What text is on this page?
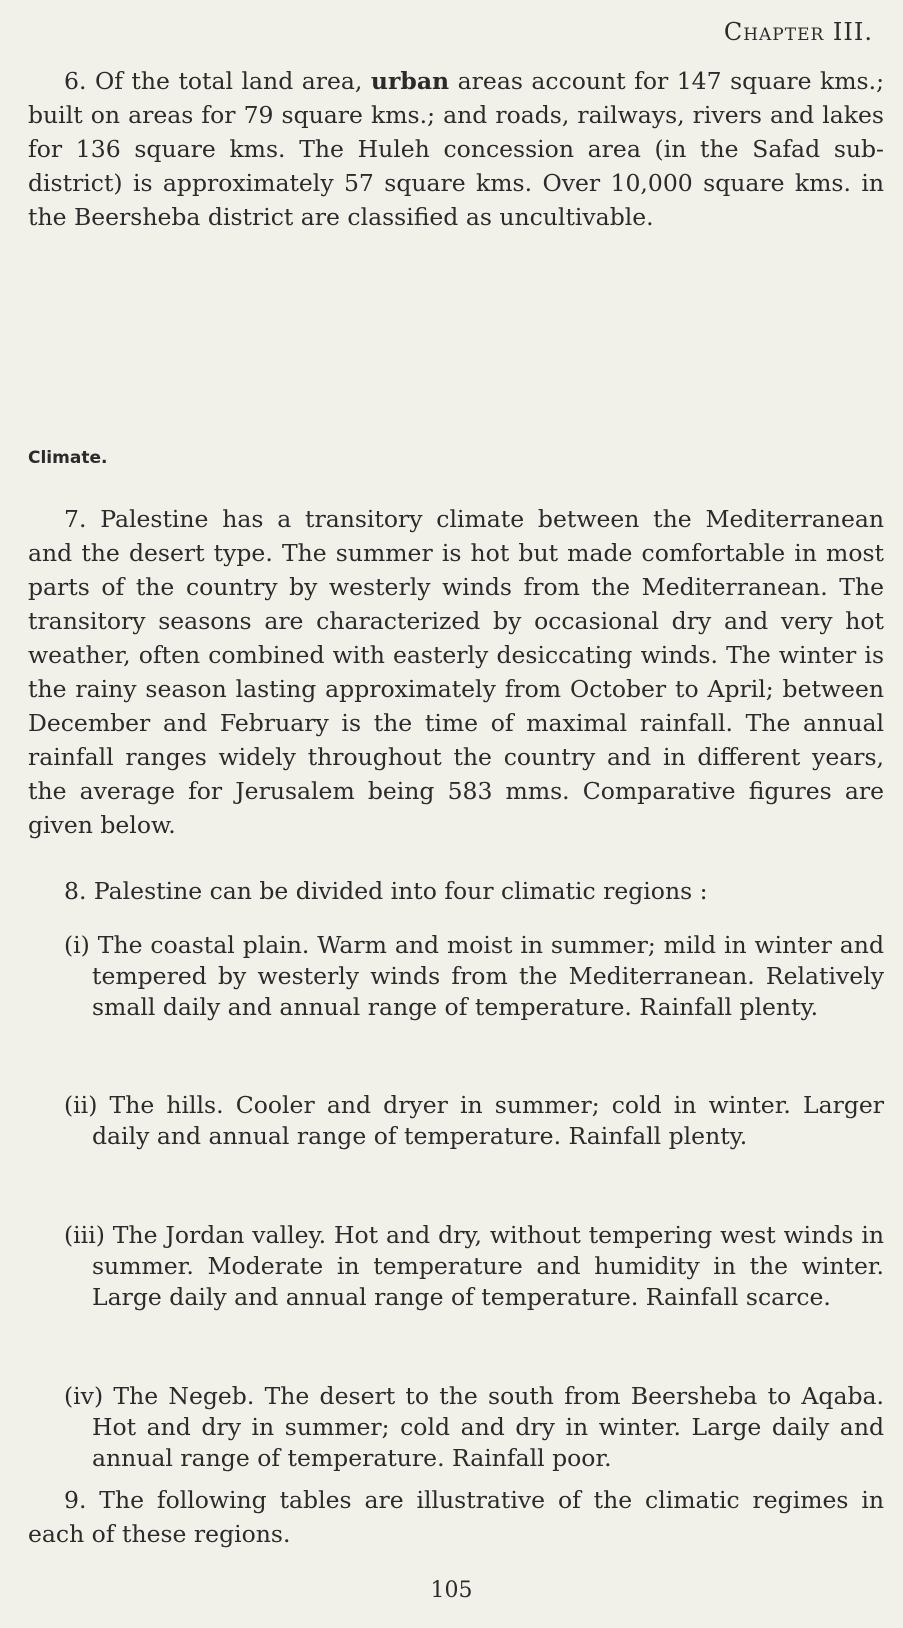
Chapter III.
6. Of the total land area, urban areas account for 147 square kms.; built on areas for 79 square kms.; and roads, railways, rivers and lakes for 136 square kms. The Huleh concession area (in the Safad sub-district) is approximately 57 square kms. Over 10,000 square kms. in the Beersheba district are classified as uncultivable.
Climate.
7. Palestine has a transitory climate between the Mediterranean and the desert type. The summer is hot but made comfortable in most parts of the country by westerly winds from the Mediterranean. The transitory seasons are characterized by occasional dry and very hot weather, often combined with easterly desiccating winds. The winter is the rainy season lasting approximately from October to April; between December and February is the time of maximal rainfall. The annual rainfall ranges widely throughout the country and in different years, the average for Jerusalem being 583 mms. Comparative figures are given below.
8. Palestine can be divided into four climatic regions :
(i) The coastal plain. Warm and moist in summer; mild in winter and tempered by westerly winds from the Mediterranean. Relatively small daily and annual range of temperature. Rainfall plenty.
(ii) The hills. Cooler and dryer in summer; cold in winter. Larger daily and annual range of temperature. Rainfall plenty.
(iii) The Jordan valley. Hot and dry, without tempering west winds in summer. Moderate in temperature and humidity in the winter. Large daily and annual range of temperature. Rainfall scarce.
(iv) The Negeb. The desert to the south from Beersheba to Aqaba. Hot and dry in summer; cold and dry in winter. Large daily and annual range of temperature. Rainfall poor.
9. The following tables are illustrative of the climatic regimes in each of these regions.
105
